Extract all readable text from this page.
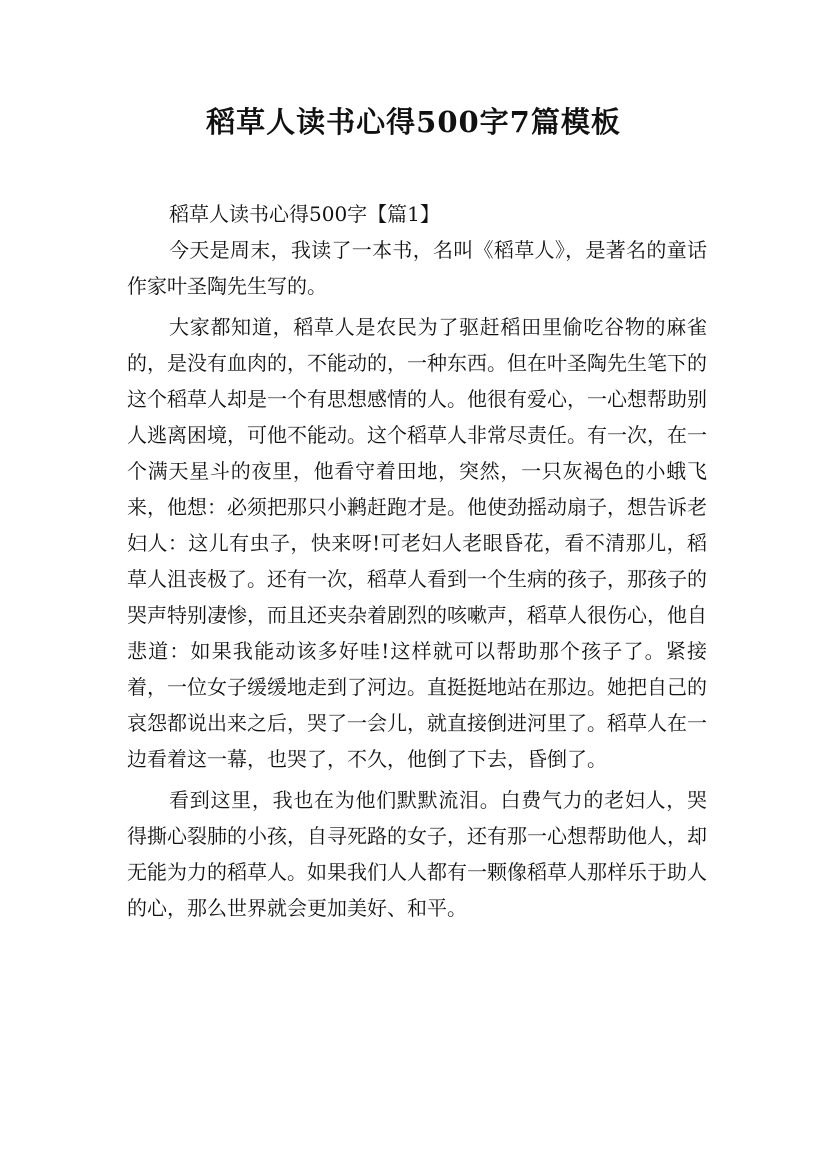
稻草人读书心得500字7篇模板

稻草人读书心得500字【篇1】

今天是周末，我读了一本书，名叫《稻草人》，是著名的童话作家叶圣陶先生写的。

大家都知道，稻草人是农民为了驱赶稻田里偷吃谷物的麻雀的，是没有血肉的，不能动的，一种东西。但在叶圣陶先生笔下的这个稻草人却是一个有思想感情的人。他很有爱心，一心想帮助别人逃离困境，可他不能动。这个稻草人非常尽责任。有一次，在一个满天星斗的夜里，他看守着田地，突然，一只灰褐色的小蛾飞来，他想：必须把那只小鹣赶跑才是。他使劲摇动扇子，想告诉老妇人：这儿有虫子，快来呀!可老妇人老眼昏花，看不清那儿，稻草人沮丧极了。还有一次，稻草人看到一个生病的孩子，那孩子的哭声特别凄惨，而且还夹杂着剧烈的咳嗽声，稻草人很伤心，他自悲道：如果我能动该多好哇!这样就可以帮助那个孩子了。紧接着，一位女子缓缓地走到了河边。直挺挺地站在那边。她把自己的哀怨都说出来之后，哭了一会儿，就直接倒进河里了。稻草人在一边看着这一幕，也哭了，不久，他倒了下去，昏倒了。

看到这里，我也在为他们默默流泪。白费气力的老妇人，哭得撕心裂肺的小孩，自寻死路的女子，还有那一心想帮助他人，却无能为力的稻草人。如果我们人人都有一颗像稻草人那样乐于助人的心，那么世界就会更加美好、和平。
